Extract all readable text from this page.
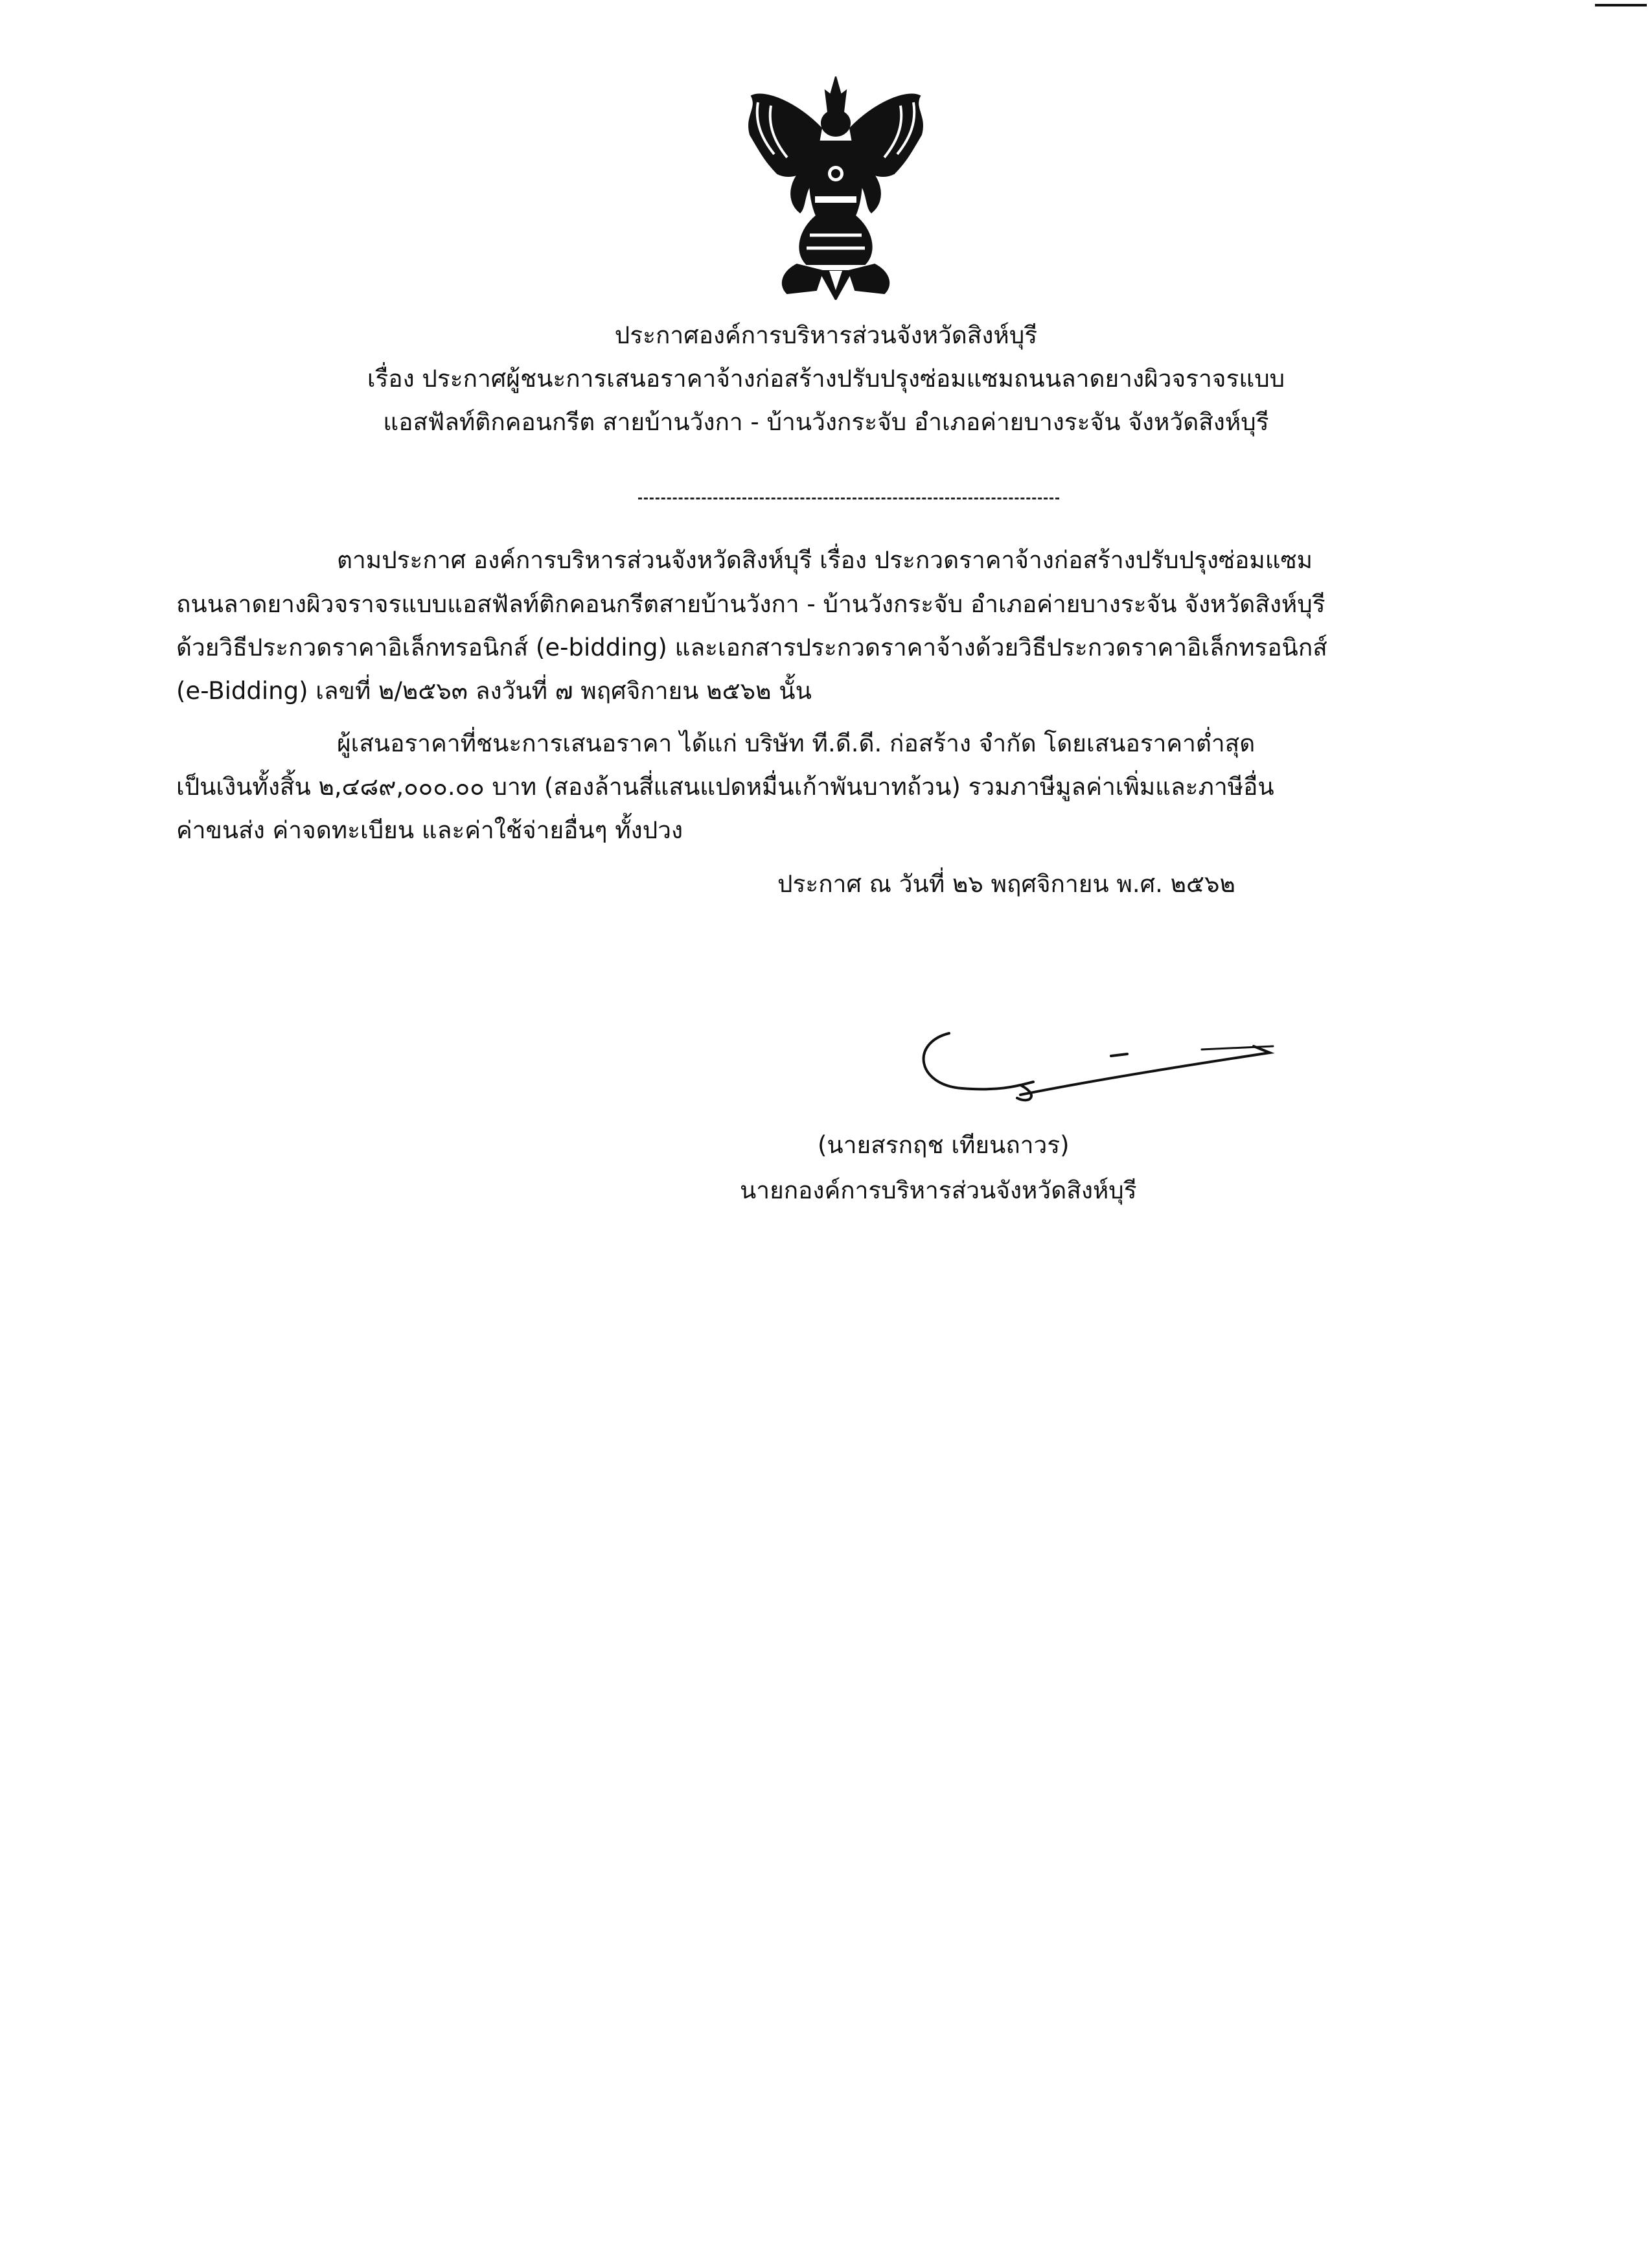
ประกาศองค์การบริหารส่วนจังหวัดสิงห์บุรี
เรื่อง ประกาศผู้ชนะการเสนอราคาจ้างก่อสร้างปรับปรุงซ่อมแซมถนนลาดยางผิวจราจรแบบ
แอสฟัลท์ติกคอนกรีต สายบ้านวังกา - บ้านวังกระจับ อำเภอค่ายบางระจัน จังหวัดสิงห์บุรี
ตามประกาศ องค์การบริหารส่วนจังหวัดสิงห์บุรี เรื่อง ประกวดราคาจ้างก่อสร้างปรับปรุงซ่อมแซม
ถนนลาดยางผิวจราจรแบบแอสฟัลท์ติกคอนกรีตสายบ้านวังกา - บ้านวังกระจับ อำเภอค่ายบางระจัน จังหวัดสิงห์บุรี
ด้วยวิธีประกวดราคาอิเล็กทรอนิกส์ (e-bidding) และเอกสารประกวดราคาจ้างด้วยวิธีประกวดราคาอิเล็กทรอนิกส์
(e-Bidding) เลขที่ ๒/๒๕๖๓ ลงวันที่ ๗ พฤศจิกายน ๒๕๖๒ นั้น
ผู้เสนอราคาที่ชนะการเสนอราคา ได้แก่ บริษัท ที.ดี.ดี. ก่อสร้าง จำกัด โดยเสนอราคาต่ำสุด
เป็นเงินทั้งสิ้น ๒,๔๘๙,๐๐๐.๐๐ บาท (สองล้านสี่แสนแปดหมื่นเก้าพันบาทถ้วน) รวมภาษีมูลค่าเพิ่มและภาษีอื่น
ค่าขนส่ง ค่าจดทะเบียน และค่าใช้จ่ายอื่นๆ ทั้งปวง
ประกาศ ณ วันที่ ๒๖ พฤศจิกายน พ.ศ. ๒๕๖๒
(นายสรกฤช เทียนถาวร)
นายกองค์การบริหารส่วนจังหวัดสิงห์บุรี
